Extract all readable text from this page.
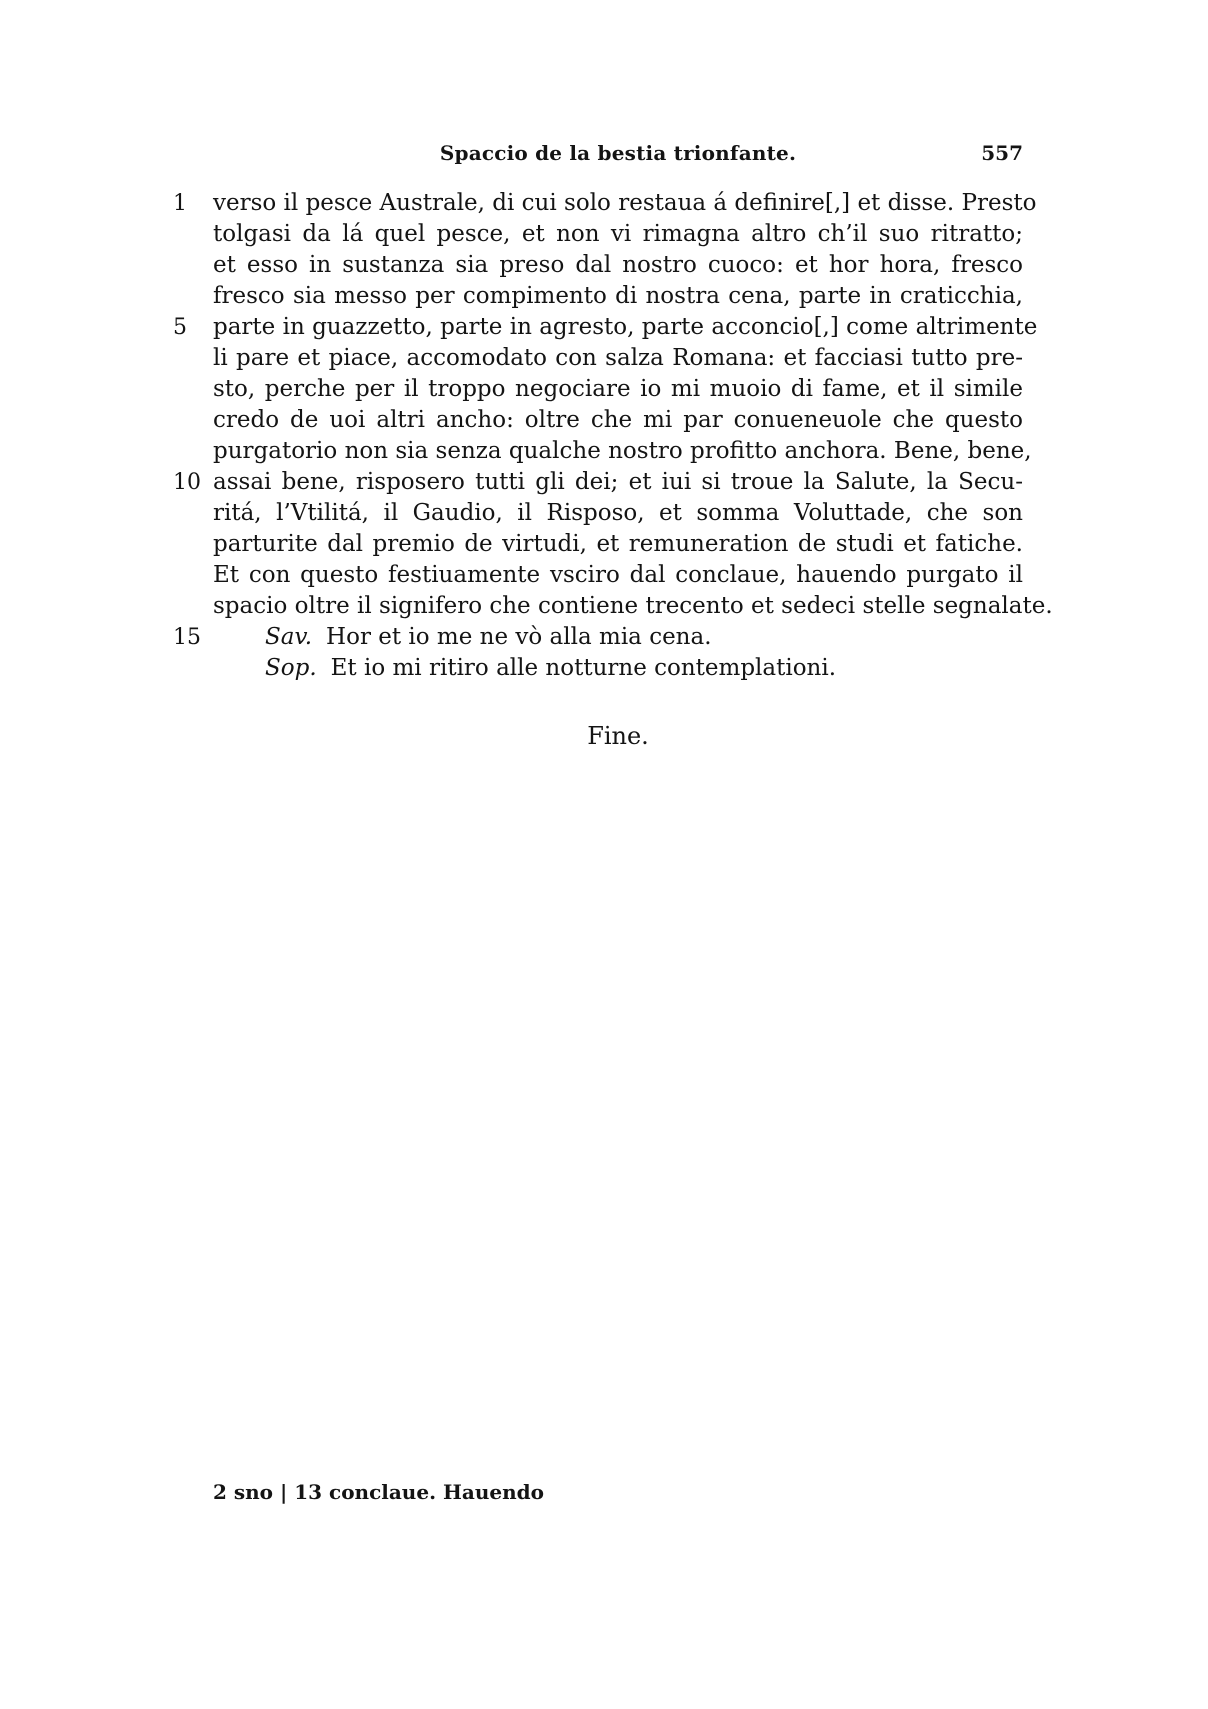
Spaccio de la bestia trionfante.	557
1	verso il pesce Australe, di cui solo restaua á definire[,] et disse. Presto
tolgasi da lá quel pesce, et non vi rimagna altro ch’il suo ritratto;
et esso in sustanza sia preso dal nostro cuoco: et hor hora, fresco
fresco sia messo per compimento di nostra cena, parte in craticchia,
5	parte in guazzetto, parte in agresto, parte acconcio[,] come altrimente
li pare et piace, accomodato con salza Romana: et facciasi tutto pre-
sto, perche per il troppo negociare io mi muoio di fame, et il simile
credo de uoi altri ancho: oltre che mi par conueneuole che questo
purgatorio non sia senza qualche nostro profitto anchora. Bene, bene,
10 assai bene, risposero tutti gli dei; et iui si troue la Salute, la Secu-
ritá, l’Vtilitá, il Gaudio, il Risposo, et somma Voluttade, che son
parturite dal premio de virtudi, et remuneration de studi et fatiche.
Et con questo festiuamente vsciro dal conclaue, hauendo purgato il
spacio oltre il signifero che contiene trecento et sedeci stelle segnalate.
15	Sav. Hor et io me ne vò alla mia cena.
Sop. Et io mi ritiro alle notturne contemplationi.
Fine.
2 sno | 13 conclaue. Hauendo
